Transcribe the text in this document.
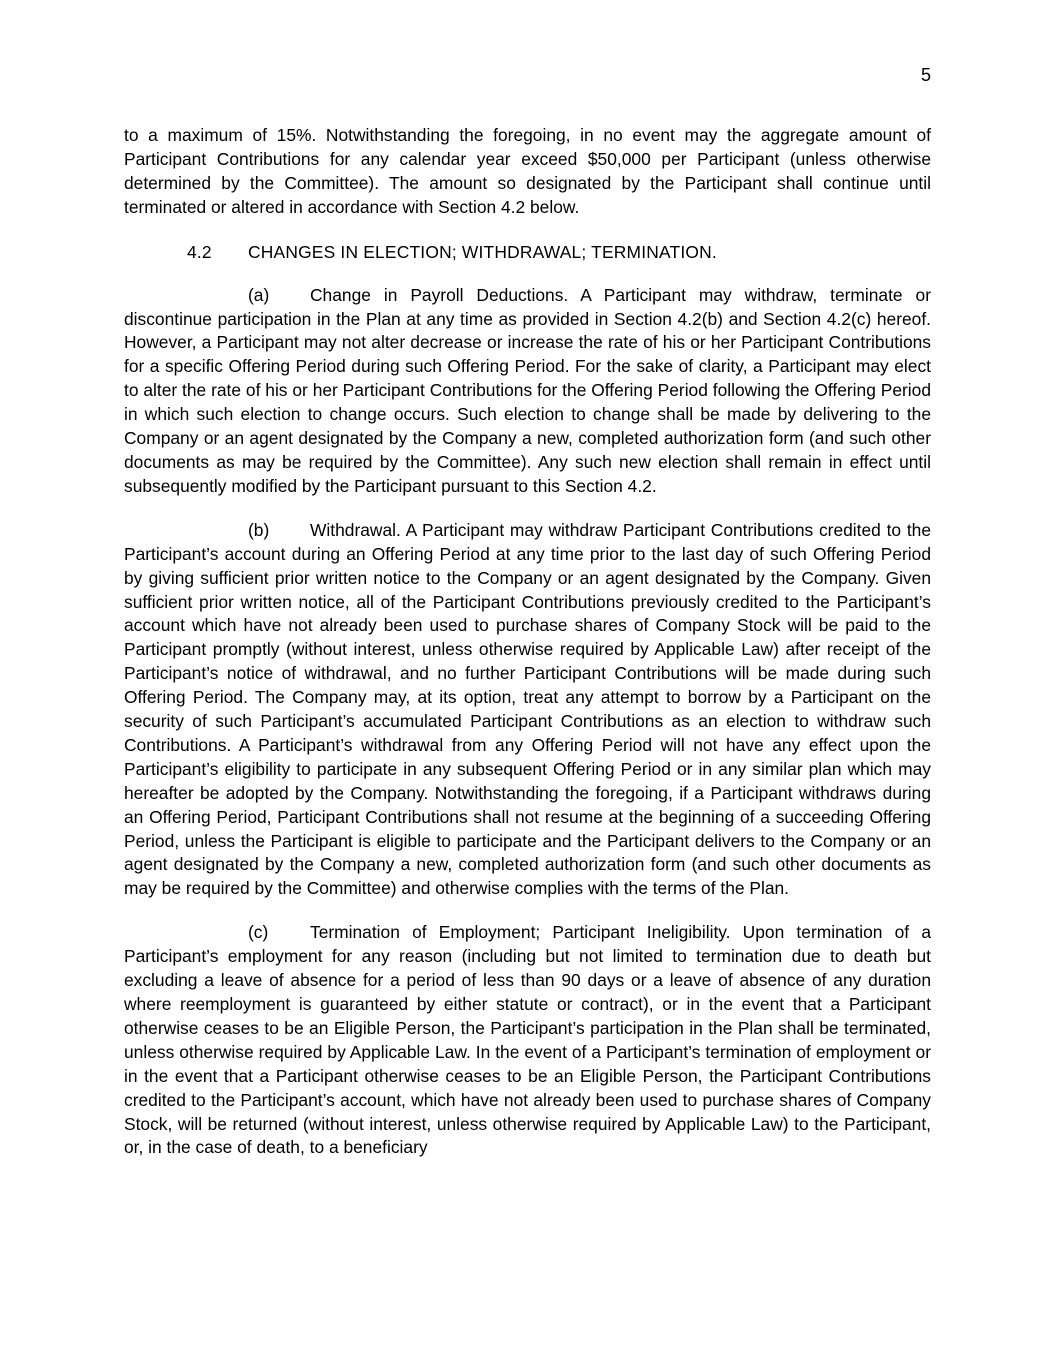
5

to a maximum of 15%. Notwithstanding the foregoing, in no event may the aggregate amount of Participant Contributions for any calendar year exceed $50,000 per Participant (unless otherwise determined by the Committee). The amount so designated by the Participant shall continue until terminated or altered in accordance with Section 4.2 below.

4.2 CHANGES IN ELECTION; WITHDRAWAL; TERMINATION.

(a) Change in Payroll Deductions. A Participant may withdraw, terminate or discontinue participation in the Plan at any time as provided in Section 4.2(b) and Section 4.2(c) hereof. However, a Participant may not alter decrease or increase the rate of his or her Participant Contributions for a specific Offering Period during such Offering Period. For the sake of clarity, a Participant may elect to alter the rate of his or her Participant Contributions for the Offering Period following the Offering Period in which such election to change occurs. Such election to change shall be made by delivering to the Company or an agent designated by the Company a new, completed authorization form (and such other documents as may be required by the Committee). Any such new election shall remain in effect until subsequently modified by the Participant pursuant to this Section 4.2.

(b) Withdrawal. A Participant may withdraw Participant Contributions credited to the Participant’s account during an Offering Period at any time prior to the last day of such Offering Period by giving sufficient prior written notice to the Company or an agent designated by the Company. Given sufficient prior written notice, all of the Participant Contributions previously credited to the Participant’s account which have not already been used to purchase shares of Company Stock will be paid to the Participant promptly (without interest, unless otherwise required by Applicable Law) after receipt of the Participant’s notice of withdrawal, and no further Participant Contributions will be made during such Offering Period. The Company may, at its option, treat any attempt to borrow by a Participant on the security of such Participant’s accumulated Participant Contributions as an election to withdraw such Contributions. A Participant’s withdrawal from any Offering Period will not have any effect upon the Participant’s eligibility to participate in any subsequent Offering Period or in any similar plan which may hereafter be adopted by the Company. Notwithstanding the foregoing, if a Participant withdraws during an Offering Period, Participant Contributions shall not resume at the beginning of a succeeding Offering Period, unless the Participant is eligible to participate and the Participant delivers to the Company or an agent designated by the Company a new, completed authorization form (and such other documents as may be required by the Committee) and otherwise complies with the terms of the Plan.

(c) Termination of Employment; Participant Ineligibility. Upon termination of a Participant’s employment for any reason (including but not limited to termination due to death but excluding a leave of absence for a period of less than 90 days or a leave of absence of any duration where reemployment is guaranteed by either statute or contract), or in the event that a Participant otherwise ceases to be an Eligible Person, the Participant’s participation in the Plan shall be terminated, unless otherwise required by Applicable Law. In the event of a Participant’s termination of employment or in the event that a Participant otherwise ceases to be an Eligible Person, the Participant Contributions credited to the Participant’s account, which have not already been used to purchase shares of Company Stock, will be returned (without interest, unless otherwise required by Applicable Law) to the Participant, or, in the case of death, to a beneficiary
